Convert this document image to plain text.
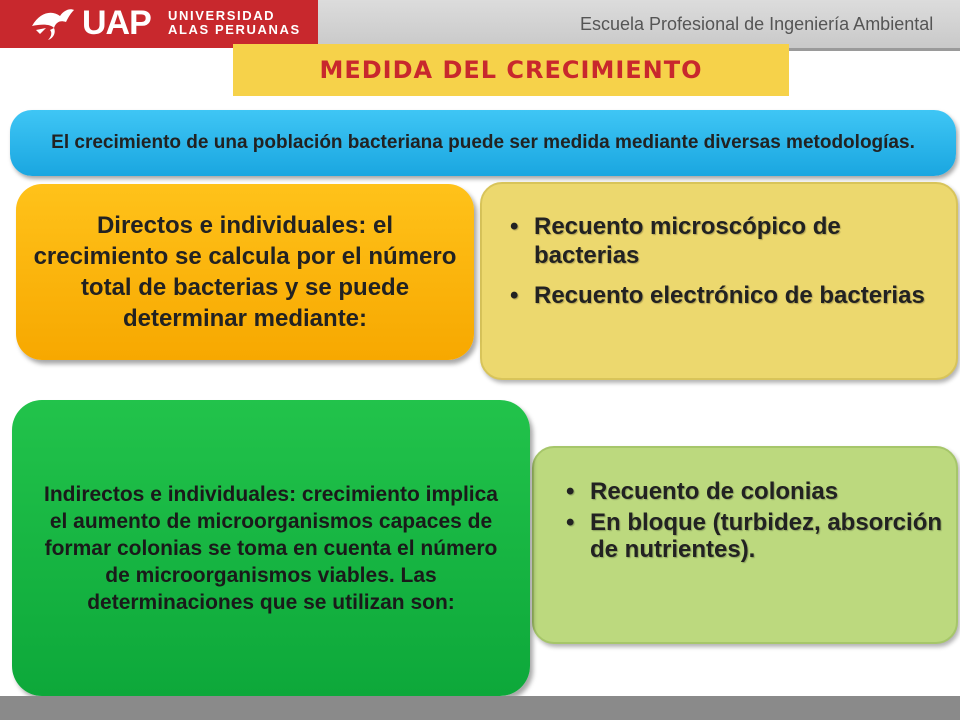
UAP UNIVERSIDAD
ALAS PERUANAS	Escuela Profesional de Ingeniería Ambiental
MEDIDA DEL CRECIMIENTO
El crecimiento de una población bacteriana puede ser medida mediante diversas metodologías.
• Recuento microscópico de bacterias
• Recuento electrónico de bacterias
Directos e individuales: el crecimiento se calcula por el número total de bacterias y se puede determinar mediante:
• Recuento de colonias
• En bloque (turbidez, absorción de nutrientes).
Indirectos e individuales: crecimiento implica el aumento de microorganismos capaces de formar colonias se toma en cuenta el número de microorganismos viables. Las determinaciones que se utilizan son:
